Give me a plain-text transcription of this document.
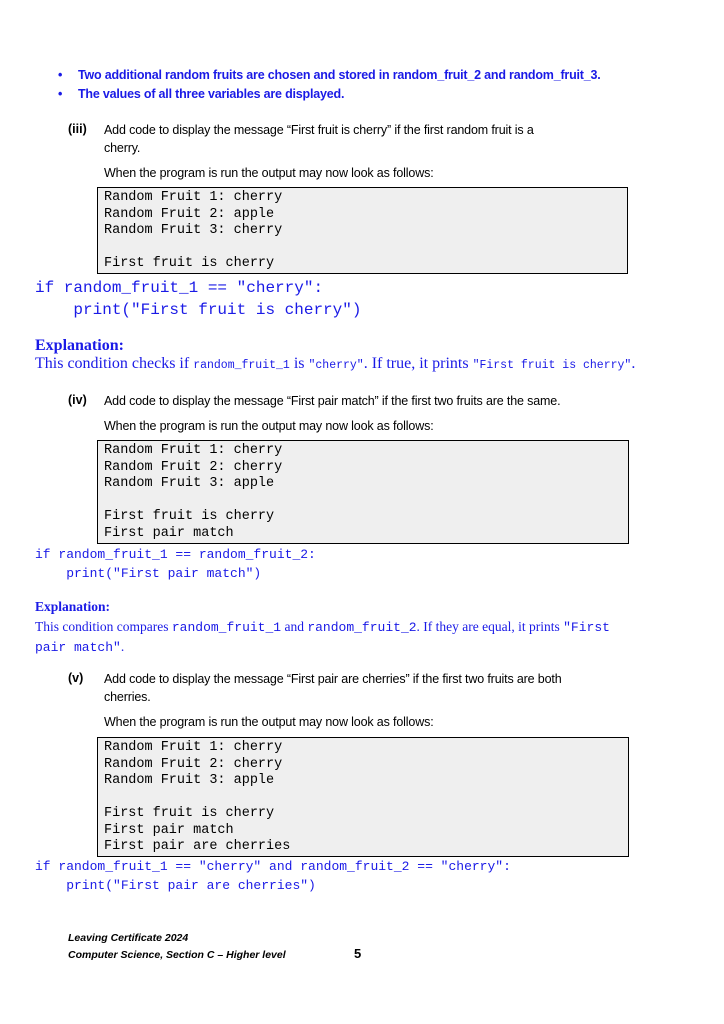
• Two additional random fruits are chosen and stored in random_fruit_2 and random_fruit_3.
• The values of all three variables are displayed.
(iii) Add code to display the message “First fruit is cherry” if the first random fruit is a
cherry.
When the program is run the output may now look as follows:
Random Fruit 1: cherry
Random Fruit 2: apple
Random Fruit 3: cherry

First fruit is cherry
if random_fruit_1 == "cherry":
print("First fruit is cherry")
Explanation:
This condition checks if random_fruit_1 is "cherry". If true, it prints "First fruit is cherry".
(iv) Add code to display the message “First pair match” if the first two fruits are the same.
When the program is run the output may now look as follows:
Random Fruit 1: cherry
Random Fruit 2: cherry
Random Fruit 3: apple

First fruit is cherry
First pair match
if random_fruit_1 == random_fruit_2:
print("First pair match")
Explanation:
This condition compares random_fruit_1 and random_fruit_2. If they are equal, it prints "First
pair match".
(v) Add code to display the message “First pair are cherries” if the first two fruits are both
cherries.
When the program is run the output may now look as follows:
Random Fruit 1: cherry
Random Fruit 2: cherry
Random Fruit 3: apple

First fruit is cherry
First pair match
First pair are cherries
if random_fruit_1 == "cherry" and random_fruit_2 == "cherry":
print("First pair are cherries")
Leaving Certificate 2024
Computer Science, Section C – Higher level	5
